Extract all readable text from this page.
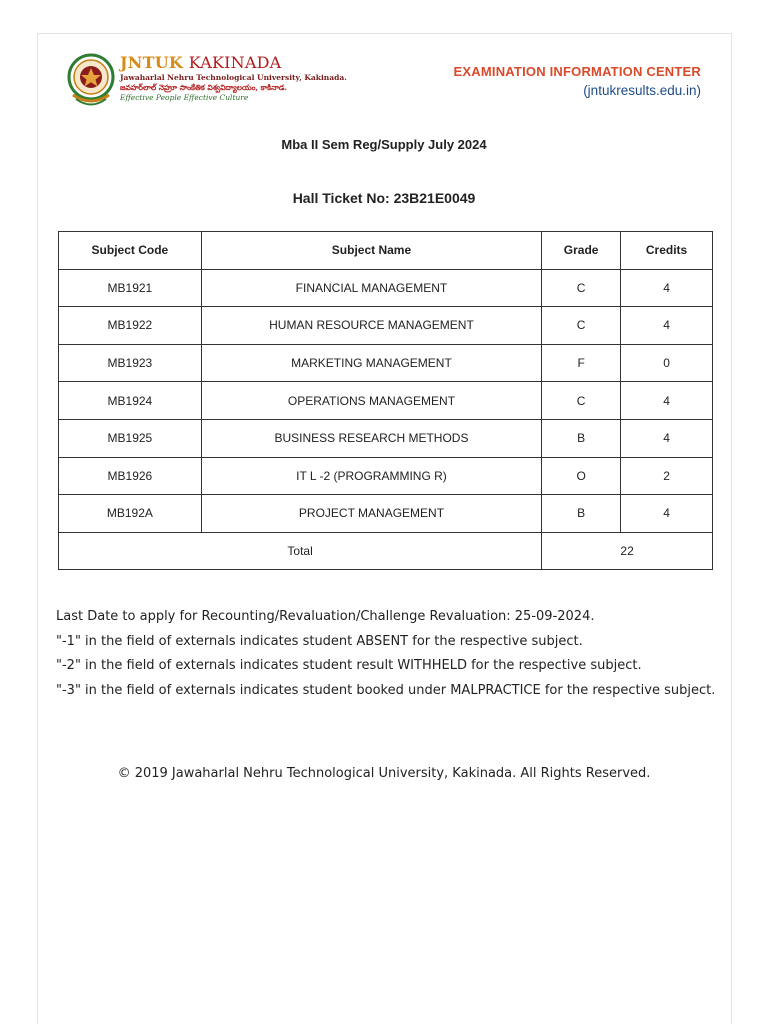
JNTUK KAKINADA
Jawaharlal Nehru Technological University, Kakinada.
జవహర్‌లాల్ నెహ్రూ సాంకేతిక విశ్వవిద్యాలయం, కాకినాడ.
Effective People Effective Culture
EXAMINATION INFORMATION CENTER
(jntukresults.edu.in)
Mba II Sem Reg/Supply July 2024
Hall Ticket No: 23B21E0049
Subject Code	Subject Name	Grade	Credits
MB1921	FINANCIAL MANAGEMENT	C	4
MB1922	HUMAN RESOURCE MANAGEMENT	C	4
MB1923	MARKETING MANAGEMENT	F	0
MB1924	OPERATIONS MANAGEMENT	C	4
MB1925	BUSINESS RESEARCH METHODS	B	4
MB1926	IT L -2 (PROGRAMMING R)	O	2
MB192A	PROJECT MANAGEMENT	B	4
Total		22	

Last Date to apply for Recounting/Revaluation/Challenge Revaluation: 25-09-2024.

"-1" in the field of externals indicates student ABSENT for the respective subject.

"-2" in the field of externals indicates student result WITHHELD for the respective subject.

"-3" in the field of externals indicates student booked under MALPRACTICE for the respective subject.

© 2019 Jawaharlal Nehru Technological University, Kakinada. All Rights Reserved.
